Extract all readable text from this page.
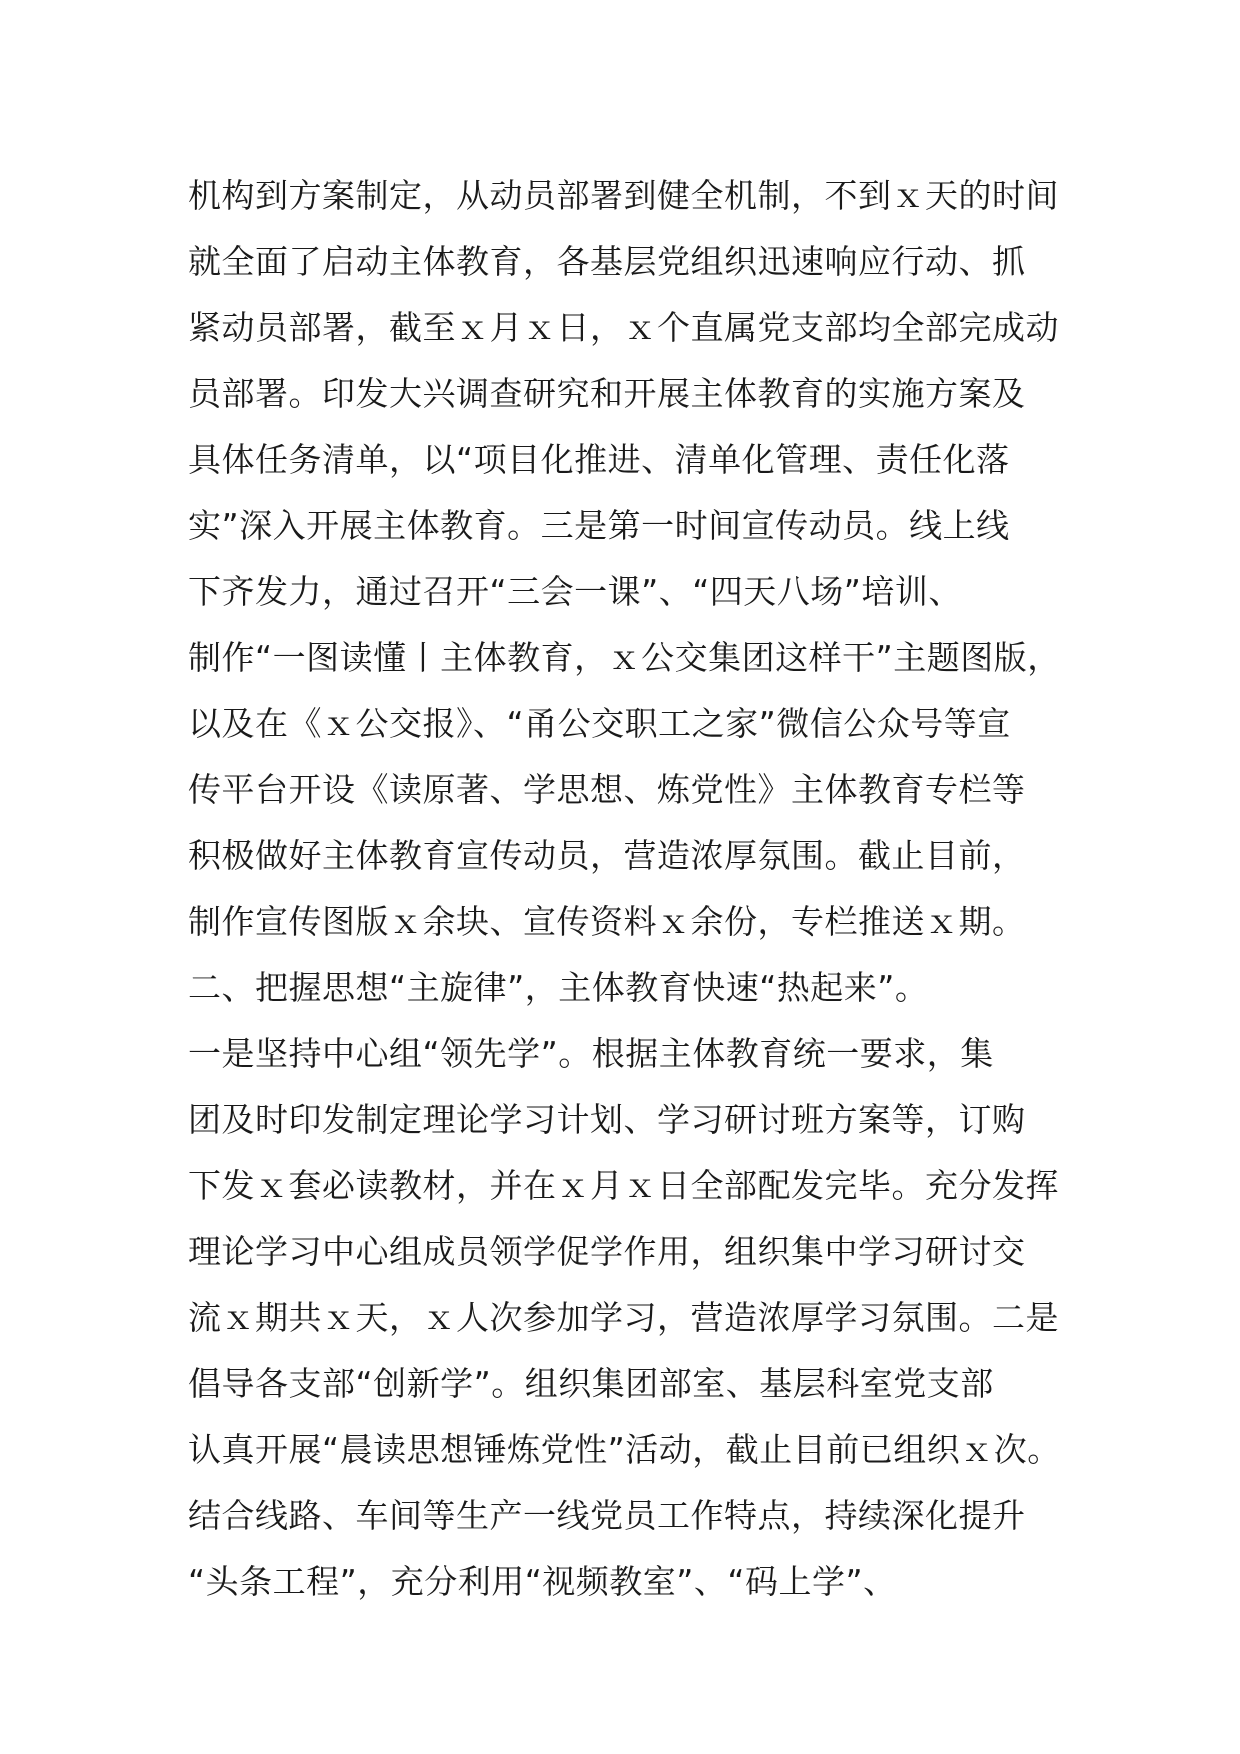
机构到方案制定，从动员部署到健全机制，不到ｘ天的时间
就全面了启动主体教育，各基层党组织迅速响应行动、抓
紧动员部署，截至ｘ月ｘ日，ｘ个直属党支部均全部完成动
员部署。印发大兴调查研究和开展主体教育的实施方案及
具体任务清单，以“项目化推进、清单化管理、责任化落
实”深入开展主体教育。三是第一时间宣传动员。线上线
下齐发力，通过召开“三会一课”、“四天八场”培训、
制作“一图读懂丨主体教育，ｘ公交集团这样干”主题图版，
以及在《ｘ公交报》、“甬公交职工之家”微信公众号等宣
传平台开设《读原著、学思想、炼党性》主体教育专栏等
积极做好主体教育宣传动员，营造浓厚氛围。截止目前，
制作宣传图版ｘ余块、宣传资料ｘ余份，专栏推送ｘ期。
二、把握思想“主旋律”，主体教育快速“热起来”。
一是坚持中心组“领先学”。根据主体教育统一要求，集
团及时印发制定理论学习计划、学习研讨班方案等，订购
下发ｘ套必读教材，并在ｘ月ｘ日全部配发完毕。充分发挥
理论学习中心组成员领学促学作用，组织集中学习研讨交
流ｘ期共ｘ天，ｘ人次参加学习，营造浓厚学习氛围。二是
倡导各支部“创新学”。组织集团部室、基层科室党支部
认真开展“晨读思想锤炼党性”活动，截止目前已组织ｘ次。
结合线路、车间等生产一线党员工作特点，持续深化提升
“头条工程”，充分利用“视频教室”、“码上学”、
